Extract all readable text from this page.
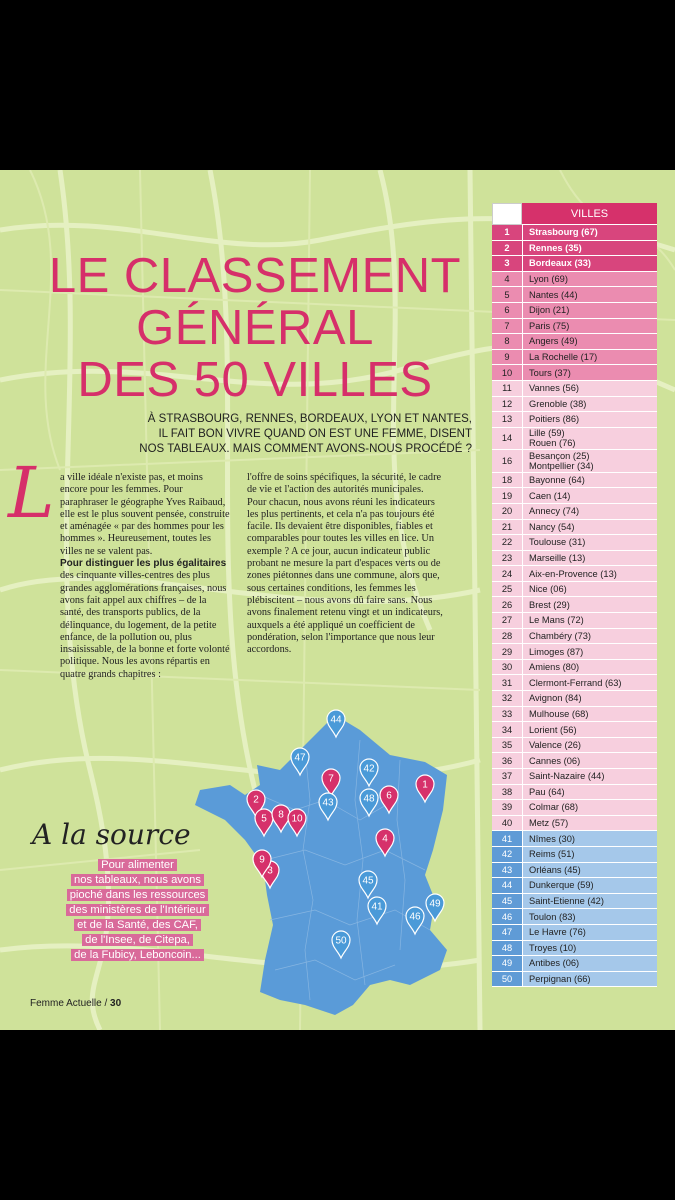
LE CLASSEMENT
GÉNÉRAL
DES 50 VILLES
À STRASBOURG, RENNES, BORDEAUX, LYON ET NANTES,
IL FAIT BON VIVRE QUAND ON EST UNE FEMME, DISENT
NOS TABLEAUX. MAIS COMMENT AVONS-NOUS PROCÉDÉ ?
L a ville idéale n'existe pas, et moins encore pour les femmes. Pour paraphraser le géographe Yves Raibaud, elle est le plus souvent pensée, construite et aménagée « par des hommes pour les hommes ». Heureusement, toutes les villes ne se valent pas.

Pour distinguer les plus égalitaires des cinquante villes-centres des plus grandes agglomérations françaises, nous avons fait appel aux chiffres – de la santé, des transports publics, de la délinquance, du logement, de la petite enfance, de la pollution ou, plus insaisissable, de la bonne et forte volonté politique. Nous les avons répartis en quatre grands chapitres :

l'offre de soins spécifiques, la sécurité, le cadre de vie et l'action des autorités municipales.

Pour chacun, nous avons réuni les indicateurs les plus pertinents, et cela n'a pas toujours été facile. Ils devaient être disponibles, fiables et comparables pour toutes les villes en lice. Un exemple ? A ce jour, aucun indicateur public probant ne mesure la part d'espaces verts ou de zones piétonnes dans une commune, alors que, sous certaines conditions, les femmes les plébiscitent – nous avons dû faire sans. Nous avons finalement retenu vingt et un indicateurs, auxquels a été appliqué un coefficient de pondération, selon l'importance que nous leur accordons.

A la source
Pour alimenter
nos tableaux, nous avons
pioché dans les ressources
des ministères de l'Intérieur
et de la Santé, des CAF,
de l'Insee, de Citepa,
de la Fubicy, Leboncoin...
1
2
3
4
5
6
7
8
9
10
41
42
43
44
45
46
47
48
49
50
Femme Actuelle / 30
VILLES
1	Strasbourg (67)
2	Rennes (35)
3	Bordeaux (33)
4	Lyon (69)
5	Nantes (44)
6	Dijon (21)
7	Paris (75)
8	Angers (49)
9	La Rochelle (17)
10	Tours (37)
11	Vannes (56)
12	Grenoble (38)
13	Poitiers (86)
14	Lille (59)
Rouen (76)
16	Besançon (25)
Montpellier (34)
18	Bayonne (64)
19	Caen (14)
20	Annecy (74)
21	Nancy (54)
22	Toulouse (31)
23	Marseille (13)
24	Aix-en-Provence (13)
25	Nice (06)
26	Brest (29)
27	Le Mans (72)
28	Chambéry (73)
29	Limoges (87)
30	Amiens (80)
31	Clermont-Ferrand (63)
32	Avignon (84)
33	Mulhouse (68)
34	Lorient (56)
35	Valence (26)
36	Cannes (06)
37	Saint-Nazaire (44)
38	Pau (64)
39	Colmar (68)
40	Metz (57)
41	Nîmes (30)
42	Reims (51)
43	Orléans (45)
44	Dunkerque (59)
45	Saint-Etienne (42)
46	Toulon (83)
47	Le Havre (76)
48	Troyes (10)
49	Antibes (06)
50	Perpignan (66)
